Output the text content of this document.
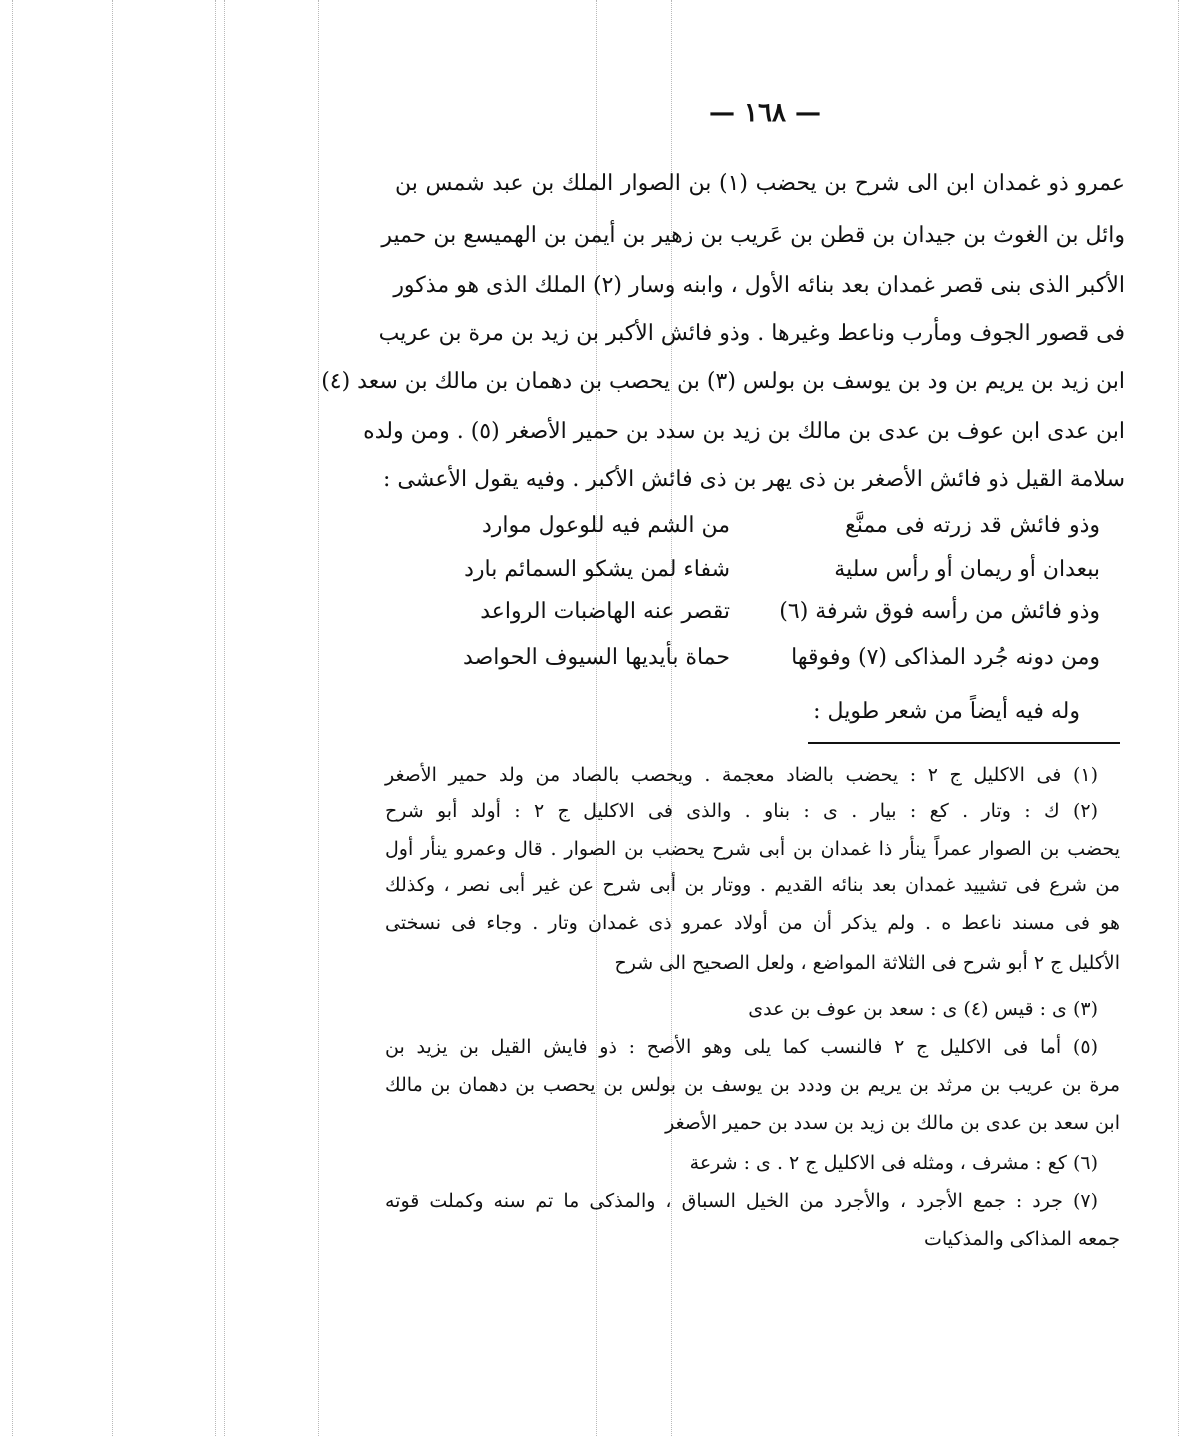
— ١٦٨ —
عمرو ذو غمدان ابن الى شرح بن يحضب (١) بن الصوار الملك بن عبد شمس بن
وائل بن الغوث بن جيدان بن قطن بن عَريب بن زهير بن أيمن بن الهميسع بن حمير
الأكبر الذى بنى قصر غمدان بعد بنائه الأول ، وابنه وسار (٢) الملك الذى هو مذكور
فى قصور الجوف ومأرب وناعط وغيرها . وذو فائش الأكبر بن زيد بن مرة بن عريب
ابن زيد بن يريم بن ود بن يوسف بن بولس (٣) بن يحصب بن دهمان بن مالك بن سعد (٤)
ابن عدى ابن عوف بن عدى بن مالك بن زيد بن سدد بن حمير الأصغر (٥) . ومن ولده
سلامة القيل ذو فائش الأصغر بن ذى يهر بن ذى فائش الأكبر . وفيه يقول الأعشى :
وذو فائش قد زرته فى ممنَّع
من الشم فيه للوعول موارد
ببعدان أو ريمان أو رأس سلية
شفاء لمن يشكو السمائم بارد
وذو فائش من رأسه فوق شرفة (٦)
تقصر عنه الهاضبات الرواعد
ومن دونه جُرد المذاكى (٧) وفوقها
حماة بأيديها السيوف الحواصد
وله فيه أيضاً من شعر طويل :
(١) فى الاكليل ج ٢ : يحضب بالضاد معجمة . ويحصب بالصاد من ولد حمير الأصغر
(٢) ك : وتار . كع : بيار . ى : بناو . والذى فى الاكليل ج ٢ : أولد أبو شرح
يحضب بن الصوار عمراً ينأر ذا غمدان بن أبى شرح يحضب بن الصوار . قال وعمرو ينأر أول
من شرع فى تشييد غمدان بعد بنائه القديم . ووتار بن أبى شرح عن غير أبى نصر ، وكذلك
هو فى مسند ناعط ه . ولم يذكر أن من أولاد عمرو ذى غمدان وتار . وجاء فى نسختى
الأكليل ج ٢ أبو شرح فى الثلاثة المواضع ، ولعل الصحيح الى شرح
(٣) ى : قيس (٤) ى : سعد بن عوف بن عدى
(٥) أما فى الاكليل ج ٢ فالنسب كما يلى وهو الأصح : ذو فايش القيل بن يزيد بن
مرة بن عريب بن مرثد بن يريم بن وددد بن يوسف بن بولس بن يحصب بن دهمان بن مالك
ابن سعد بن عدى بن مالك بن زيد بن سدد بن حمير الأصغر
(٦) كع : مشرف ، ومثله فى الاكليل ج ٢ . ى : شرعة
(٧) جرد : جمع الأجرد ، والأجرد من الخيل السباق ، والمذكى ما تم سنه وكملت قوته
جمعه المذاكى والمذكيات
